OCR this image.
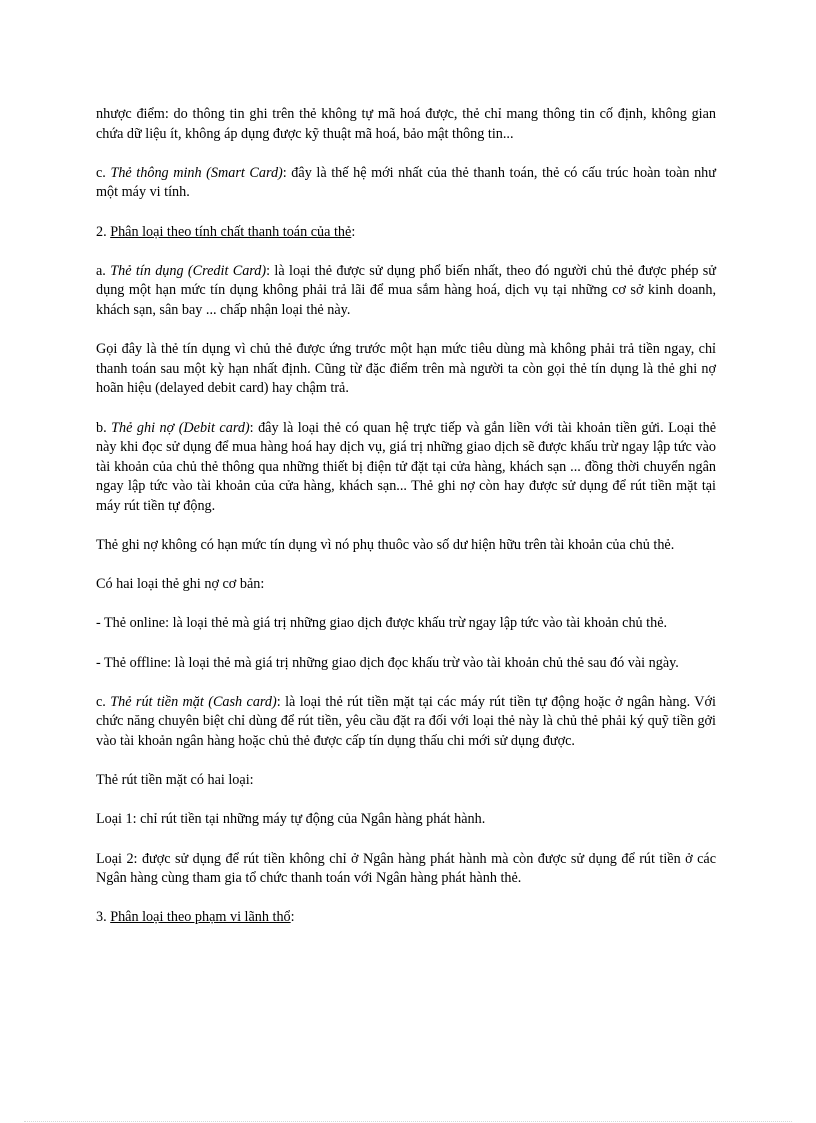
nhược điểm: do thông tin ghi trên thẻ không tự mã hoá được, thẻ chỉ mang thông tin cố định, không gian chứa dữ liệu ít, không áp dụng được kỹ thuật mã hoá, bảo mật thông tin...

c. Thẻ thông minh (Smart Card): đây là thế hệ mới nhất của thẻ thanh toán, thẻ có cấu trúc hoàn toàn như một máy vi tính.

2. Phân loại theo tính chất thanh toán của thẻ:

a. Thẻ tín dụng (Credit Card): là loại thẻ được sử dụng phổ biến nhất, theo đó người chủ thẻ được phép sử dụng một hạn mức tín dụng không phải trả lãi để mua sắm hàng hoá, dịch vụ tại những cơ sở kinh doanh, khách sạn, sân bay ... chấp nhận loại thẻ này.

Gọi đây là thẻ tín dụng vì chủ thẻ được ứng trước một hạn mức tiêu dùng mà không phải trả tiền ngay, chỉ thanh toán sau một kỳ hạn nhất định. Cũng từ đặc điểm trên mà người ta còn gọi thẻ tín dụng là thẻ ghi nợ hoãn hiệu (delayed debit card) hay chậm trả.

b. Thẻ ghi nợ (Debit card): đây là loại thẻ có quan hệ trực tiếp và gắn liền với tài khoản tiền gửi. Loại thẻ này khi đọc sử dụng để mua hàng hoá hay dịch vụ, giá trị những giao dịch sẽ được khấu trừ ngay lập tức vào tài khoản của chủ thẻ thông qua những thiết bị điện tử đặt tại cửa hàng, khách sạn ... đồng thời chuyển ngân ngay lập tức vào tài khoản của cửa hàng, khách sạn... Thẻ ghi nợ còn hay được sử dụng để rút tiền mặt tại máy rút tiền tự động.

Thẻ ghi nợ không có hạn mức tín dụng vì nó phụ thuôc vào số dư hiện hữu trên tài khoản của chủ thẻ.

Có hai loại thẻ ghi nợ cơ bản:

- Thẻ online: là loại thẻ mà giá trị những giao dịch được khấu trừ ngay lập tức vào tài khoản chủ thẻ.

- Thẻ offline: là loại thẻ mà giá trị những giao dịch đọc khấu trừ vào tài khoản chủ thẻ sau đó vài ngày.

c. Thẻ rút tiền mặt (Cash card): là loại thẻ rút tiền mặt tại các máy rút tiền tự động hoặc ở ngân hàng. Với chức năng chuyên biệt chỉ dùng để rút tiền, yêu cầu đặt ra đối với loại thẻ này là chủ thẻ phải ký quỹ tiền gởi vào tài khoản ngân hàng hoặc chủ thẻ được cấp tín dụng thấu chi mới sử dụng được.

Thẻ rút tiền mặt có hai loại:

Loại 1: chỉ rút tiền tại những máy tự động của Ngân hàng phát hành.

Loại 2: được sử dụng để rút tiền không chỉ ở Ngân hàng phát hành mà còn được sử dụng để rút tiền ở các Ngân hàng cùng tham gia tổ chức thanh toán với Ngân hàng phát hành thẻ.

3. Phân loại theo phạm vi lãnh thổ:
